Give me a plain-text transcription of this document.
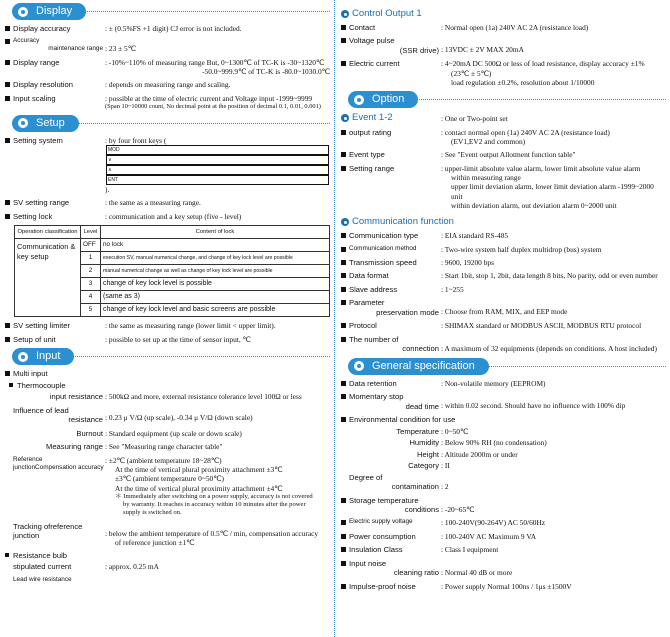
Display
Display accuracy	: ± (0.5%FS +1 digit) CJ error is not included.
Accuracy
maintenance range : 23 ± 5℃
Display range	: -10%~110% of measuring range But, 0~1300℃ of TC-K is -30~1320℃
-50.0~999.9℃ of TC-K is -80.0~1030.0℃
Display resolution	: depends on measuring range and scaling.
Input scaling	: possible at the time of electric current and Voltage input -1999~9999
(Span 10~10000 count, No decimal point at the position of decimal 0.1, 0.01, 0.001)
Setup
Setting system	: by four front keys (
MOD
∨
∧
ENT
).
SV setting range	: the same as a measuring range.
Setting lock	: communication and a key setup (five - level)
Operation classification	Level	Content of lock
Communication & key setup	OFF	no lock
	1	execution SV, manual numerical change, and change of key lock level are possible
	2	manual numerical change as well as change of key lock level are possible
	3	change of key lock level is possible
	4	(same as 3)
	5	change of key lock level and basic screens are possible
SV setting limiter	: the same as measuring range (lower limit < upper limit).
Setup of unit	: possible to set up at the time of sensor input, ℃
Input
Multi input
Thermocouple
input resistance : 500kΩ and more, external resistance tolerance level 100Ω or less
Influence of lead
resistance : 0.23 μ V/Ω (up scale), -0.34 μ V/Ω (down scale)
Burnout : Standard equipment (up scale or down scale)
Measuring range : See "Measuring range character table"
Reference junctionCompensation accuracy
: ±2℃ (ambient temperature 18~28℃)
At the time of vertical plural proximity attachment ±3℃
±3℃ (ambient temperature 0~50℃)
At the time of vertical plural proximity attachment ±4℃
＊ Immediately after switching on a power supply, accuracy is not covered
by warranty. It reaches in accuracy within 10 minutes after the power
supply is switched on.
Tracking ofreference junction	: below the ambient temperature of 0.5℃ / min, compensation accuracy
of reference junction ±1℃
Resistance bulb
stipulated current	: approx. 0.25 mA
Lead wire resistance
Control Output 1
Contact	: Normal open (1a) 240V AC 2A (resistance load)
Voltage pulse
(SSR drive) : 13VDC ± 2V MAX 20mA
Electric current	: 4~20mA DC 500Ω or less of load resistance, display accuracy ±1%
(23℃ ± 5℃)
load regulation ±0.2%, resolution about 1/10000
Option
Event 1-2	: One or Two-point set
output rating	: contact normal open (1a) 240V AC 2A (resistance load)
(EV1,EV2 and common)
Event type	: See "Event output Allotment function table"
Setting range	: upper-limit absolute value alarm, lower limit absolute value alarm
within measuring range
upper limit deviation alarm, lower limit deviation alarm -1999~2000 unit
within deviation alarm, out deviation alarm 0~2000 unit
Communication function
Communication type	: EIA standard RS-485
Communication method	: Two-wire system half duplex multidrop (bus) system
Transmission speed	: 9600, 19200 bps
Data format	: Start 1bit, stop 1, 2bit, data length 8 bits, No parity, odd or even number
Slave address	: 1~255
Parameter
preservation mode : Choose from RAM, MIX, and EEP mode
Protocol	: SHIMAX standard or MODBUS ASCII, MODBUS RTU protocol
The number of
connection : A maximum of 32 equipments (depends on conditions. A host included)
General specification
Data retention	: Non-volatile memory (EEPROM)
Momentary stop
dead time : within 0.02 second. Should have no influence with 100% dip
Environmental condition for use
Temperature : 0~50℃
Humidity : Below 90% RH (no condensation)
Height : Altitude 2000m or under
Category : II
Degree of
contamination : 2
Storage temperature
conditions : -20~65℃
Electric supply voltage	: 100-240V(90-264V) AC 50/60Hz
Power consumption	: 100-240V AC Maximum 9 VA
Insulation Class	: Class I equipment
Input noise
cleaning ratio : Normal 40 dB or more
Impulse-proof noise	: Power supply Normal 100ns / 1μs ±1500V
